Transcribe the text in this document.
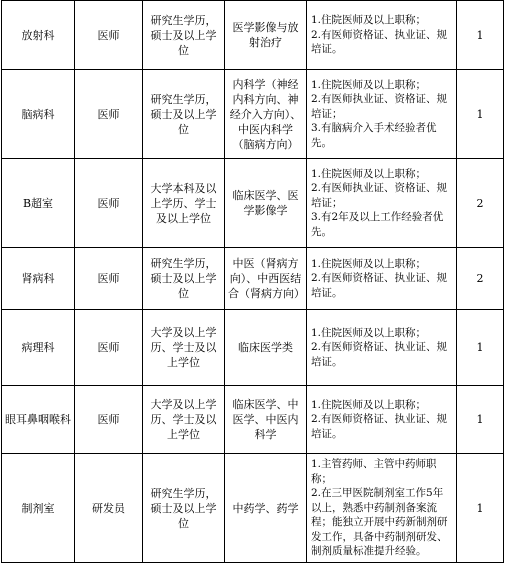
放射科	医师	研究生学历，硕士及以上学位	医学影像与放射治疗	1.住院医师及以上职称；
2.有医师资格证、执业证、规培证。	1
脑病科	医师	研究生学历，硕士及以上学位	内科学（神经内科方向、神经介入方向）、中医内科学（脑病方向）	1.住院医师及以上职称；
2.有医师执业证、资格证、规培证；
3.有脑病介入手术经验者优先。	1
B超室	医师	大学本科及以上学历、学士及以上学位	临床医学、医学影像学	1.住院医师及以上职称；
2.有医师执业证、资格证、规培证；
3.有2年及以上工作经验者优先。	2
肾病科	医师	研究生学历，硕士及以上学位	中医（肾病方向）、中西医结合（肾病方向）	1.住院医师及以上职称；
2.有医师资格证、执业证、规培证。	2
病理科	医师	大学及以上学历、学士及以上学位	临床医学类	1.住院医师及以上职称；
2.有医师资格证、执业证、规培证。	1
眼耳鼻咽喉科	医师	大学及以上学历、学士及以上学位	临床医学、中医学、中医内科学	1.住院医师及以上职称；
2.有医师资格证、执业证、规培证。	1
制剂室	研发员	研究生学历，硕士及以上学位	中药学、药学	1.主管药师、主管中药师职称；
2.在三甲医院制剂室工作5年以上，熟悉中药制剂备案流程；能独立开展中药新制剂研发工作，具备中药制剂研发、制剂质量标准提升经验。	1
